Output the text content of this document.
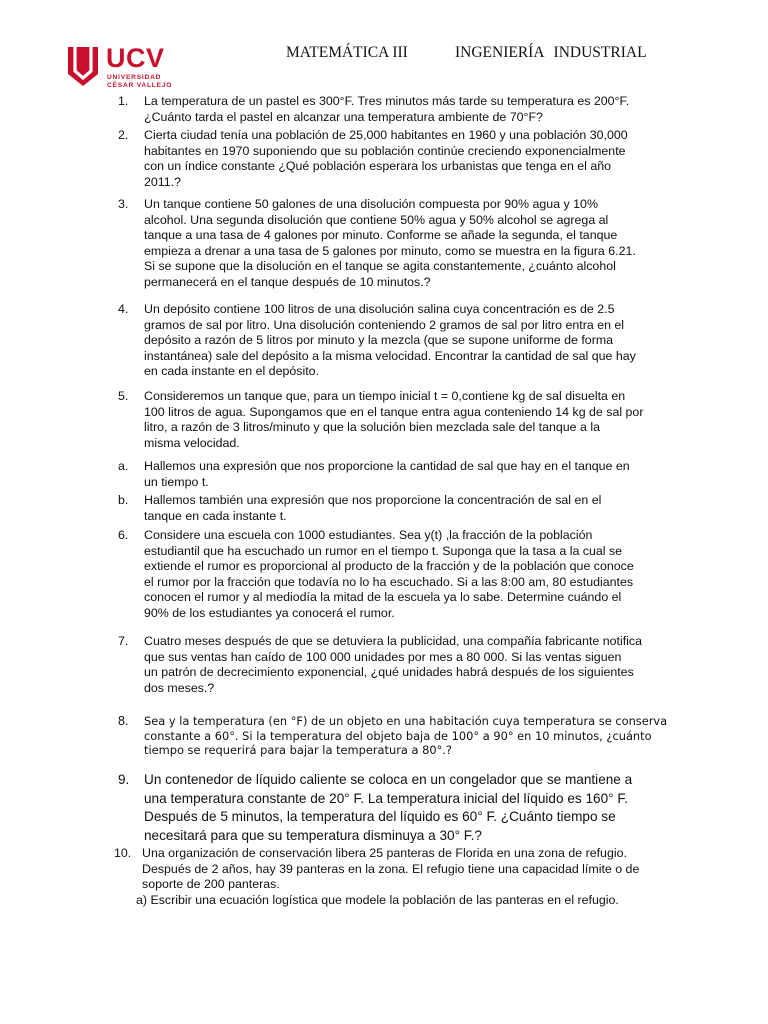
UCV
UNIVERSIDAD
CÉSAR VALLEJO
MATEMÁTICA III	INGENIERÍA INDUSTRIAL
1. La temperatura de un pastel es 300°F. Tres minutos más tarde su temperatura es 200°F.
¿Cuánto tarda el pastel en alcanzar una temperatura ambiente de 70°F?
2. Cierta ciudad tenía una población de 25,000 habitantes en 1960 y una población 30,000
habitantes en 1970 suponiendo que su población continúe creciendo exponencialmente
con un índice constante ¿Qué población esperara los urbanistas que tenga en el año
2011.?
3. Un tanque contiene 50 galones de una disolución compuesta por 90% agua y 10%
alcohol. Una segunda disolución que contiene 50% agua y 50% alcohol se agrega al
tanque a una tasa de 4 galones por minuto. Conforme se añade la segunda, el tanque
empieza a drenar a una tasa de 5 galones por minuto, como se muestra en la figura 6.21.
Si se supone que la disolución en el tanque se agita constantemente, ¿cuánto alcohol
permanecerá en el tanque después de 10 minutos.?
4. Un depósito contiene 100 litros de una disolución salina cuya concentración es de 2.5
gramos de sal por litro. Una disolución conteniendo 2 gramos de sal por litro entra en el
depósito a razón de 5 litros por minuto y la mezcla (que se supone uniforme de forma
instantánea) sale del depósito a la misma velocidad. Encontrar la cantidad de sal que hay
en cada instante en el depósito.
5. Consideremos un tanque que, para un tiempo inicial t = 0,contiene kg de sal disuelta en
100 litros de agua. Supongamos que en el tanque entra agua conteniendo 14 kg de sal por
litro, a razón de 3 litros/minuto y que la solución bien mezclada sale del tanque a la
misma velocidad.
a. Hallemos una expresión que nos proporcione la cantidad de sal que hay en el tanque en
un tiempo t.
b. Hallemos también una expresión que nos proporcione la concentración de sal en el
tanque en cada instante t.
6. Considere una escuela con 1000 estudiantes. Sea y(t) ,la fracción de la población
estudiantil que ha escuchado un rumor en el tiempo t. Suponga que la tasa a la cual se
extiende el rumor es proporcional al producto de la fracción y de la población que conoce
el rumor por la fracción que todavía no lo ha escuchado. Si a las 8:00 am, 80 estudiantes
conocen el rumor y al mediodía la mitad de la escuela ya lo sabe. Determine cuándo el
90% de los estudiantes ya conocerá el rumor.
7. Cuatro meses después de que se detuviera la publicidad, una compañía fabricante notifica
que sus ventas han caído de 100 000 unidades por mes a 80 000. Si las ventas siguen
un patrón de decrecimiento exponencial, ¿qué unidades habrá después de los siguientes
dos meses.?
8. Sea y la temperatura (en °F) de un objeto en una habitación cuya temperatura se conserva
constante a 60°. Si la temperatura del objeto baja de 100° a 90° en 10 minutos, ¿cuánto
tiempo se requerirá para bajar la temperatura a 80°.?
9. Un contenedor de líquido caliente se coloca en un congelador que se mantiene a
una temperatura constante de 20° F. La temperatura inicial del líquido es 160° F.
Después de 5 minutos, la temperatura del líquido es 60° F. ¿Cuánto tiempo se
necesitará para que su temperatura disminuya a 30° F.?
10. Una organización de conservación libera 25 panteras de Florida en una zona de refugio.
Después de 2 años, hay 39 panteras en la zona. El refugio tiene una capacidad límite o de
soporte de 200 panteras.
a) Escribir una ecuación logística que modele la población de las panteras en el refugio.
